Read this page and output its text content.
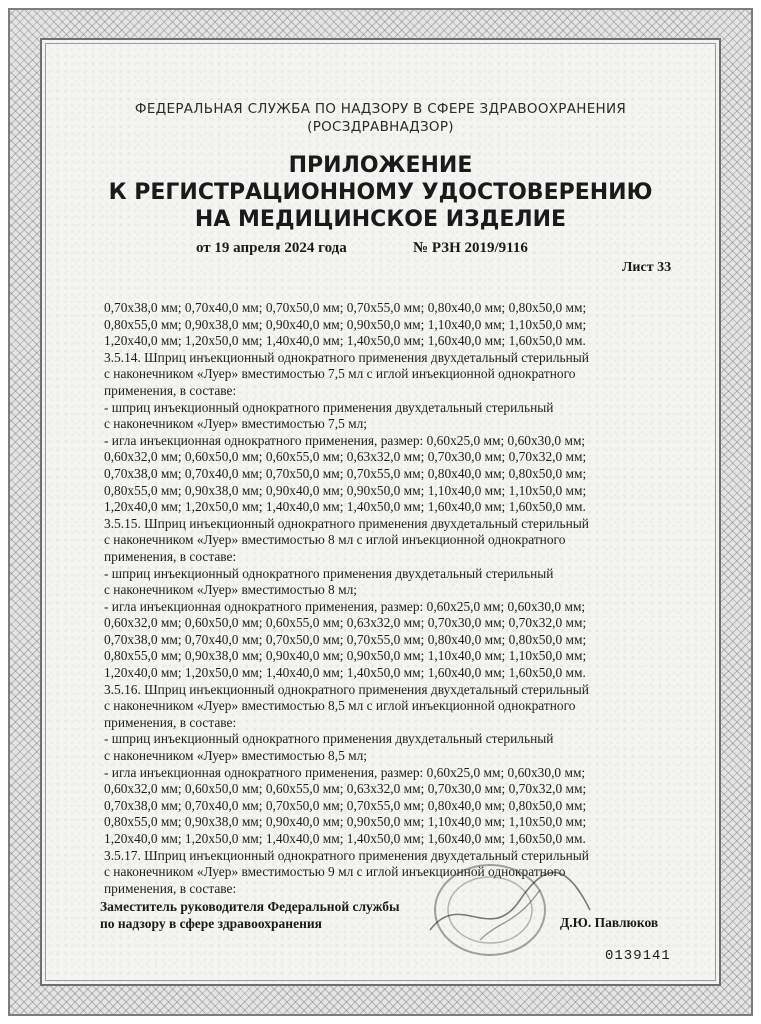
ФЕДЕРАЛЬНАЯ СЛУЖБА ПО НАДЗОРУ В СФЕРЕ ЗДРАВООХРАНЕНИЯ
(РОСЗДРАВНАДЗОР)
ПРИЛОЖЕНИЕ
К РЕГИСТРАЦИОННОМУ УДОСТОВЕРЕНИЮ
НА МЕДИЦИНСКОЕ ИЗДЕЛИЕ
от 19 апреля 2024 года	№ РЗН 2019/9116
Лист 33

0,70x38,0 мм; 0,70x40,0 мм; 0,70x50,0 мм; 0,70x55,0 мм; 0,80x40,0 мм; 0,80x50,0 мм;

0,80x55,0 мм; 0,90x38,0 мм; 0,90x40,0 мм; 0,90x50,0 мм; 1,10x40,0 мм; 1,10x50,0 мм;

1,20x40,0 мм; 1,20x50,0 мм; 1,40x40,0 мм; 1,40x50,0 мм; 1,60x40,0 мм; 1,60x50,0 мм.

3.5.14. Шприц инъекционный однократного применения двухдетальный стерильный

с наконечником «Луер» вместимостью 7,5 мл с иглой инъекционной однократного

применения, в составе:

- шприц инъекционный однократного применения двухдетальный стерильный

с наконечником «Луер» вместимостью 7,5 мл;

- игла инъекционная однократного применения, размер: 0,60x25,0 мм; 0,60x30,0 мм;

0,60x32,0 мм; 0,60x50,0 мм; 0,60x55,0 мм; 0,63x32,0 мм; 0,70x30,0 мм; 0,70x32,0 мм;

0,70x38,0 мм; 0,70x40,0 мм; 0,70x50,0 мм; 0,70x55,0 мм; 0,80x40,0 мм; 0,80x50,0 мм;

0,80x55,0 мм; 0,90x38,0 мм; 0,90x40,0 мм; 0,90x50,0 мм; 1,10x40,0 мм; 1,10x50,0 мм;

1,20x40,0 мм; 1,20x50,0 мм; 1,40x40,0 мм; 1,40x50,0 мм; 1,60x40,0 мм; 1,60x50,0 мм.

3.5.15. Шприц инъекционный однократного применения двухдетальный стерильный

с наконечником «Луер» вместимостью 8 мл с иглой инъекционной однократного

применения, в составе:

- шприц инъекционный однократного применения двухдетальный стерильный

с наконечником «Луер» вместимостью 8 мл;

- игла инъекционная однократного применения, размер: 0,60x25,0 мм; 0,60x30,0 мм;

0,60x32,0 мм; 0,60x50,0 мм; 0,60x55,0 мм; 0,63x32,0 мм; 0,70x30,0 мм; 0,70x32,0 мм;

0,70x38,0 мм; 0,70x40,0 мм; 0,70x50,0 мм; 0,70x55,0 мм; 0,80x40,0 мм; 0,80x50,0 мм;

0,80x55,0 мм; 0,90x38,0 мм; 0,90x40,0 мм; 0,90x50,0 мм; 1,10x40,0 мм; 1,10x50,0 мм;

1,20x40,0 мм; 1,20x50,0 мм; 1,40x40,0 мм; 1,40x50,0 мм; 1,60x40,0 мм; 1,60x50,0 мм.

3.5.16. Шприц инъекционный однократного применения двухдетальный стерильный

с наконечником «Луер» вместимостью 8,5 мл с иглой инъекционной однократного

применения, в составе:

- шприц инъекционный однократного применения двухдетальный стерильный

с наконечником «Луер» вместимостью 8,5 мл;

- игла инъекционная однократного применения, размер: 0,60x25,0 мм; 0,60x30,0 мм;

0,60x32,0 мм; 0,60x50,0 мм; 0,60x55,0 мм; 0,63x32,0 мм; 0,70x30,0 мм; 0,70x32,0 мм;

0,70x38,0 мм; 0,70x40,0 мм; 0,70x50,0 мм; 0,70x55,0 мм; 0,80x40,0 мм; 0,80x50,0 мм;

0,80x55,0 мм; 0,90x38,0 мм; 0,90x40,0 мм; 0,90x50,0 мм; 1,10x40,0 мм; 1,10x50,0 мм;

1,20x40,0 мм; 1,20x50,0 мм; 1,40x40,0 мм; 1,40x50,0 мм; 1,60x40,0 мм; 1,60x50,0 мм.

3.5.17. Шприц инъекционный однократного применения двухдетальный стерильный

с наконечником «Луер» вместимостью 9 мл с иглой инъекционной однократного

применения, в составе:

Заместитель руководителя Федеральной службы
по надзору в сфере здравоохранения	Д.Ю. Павлюков
0139141
